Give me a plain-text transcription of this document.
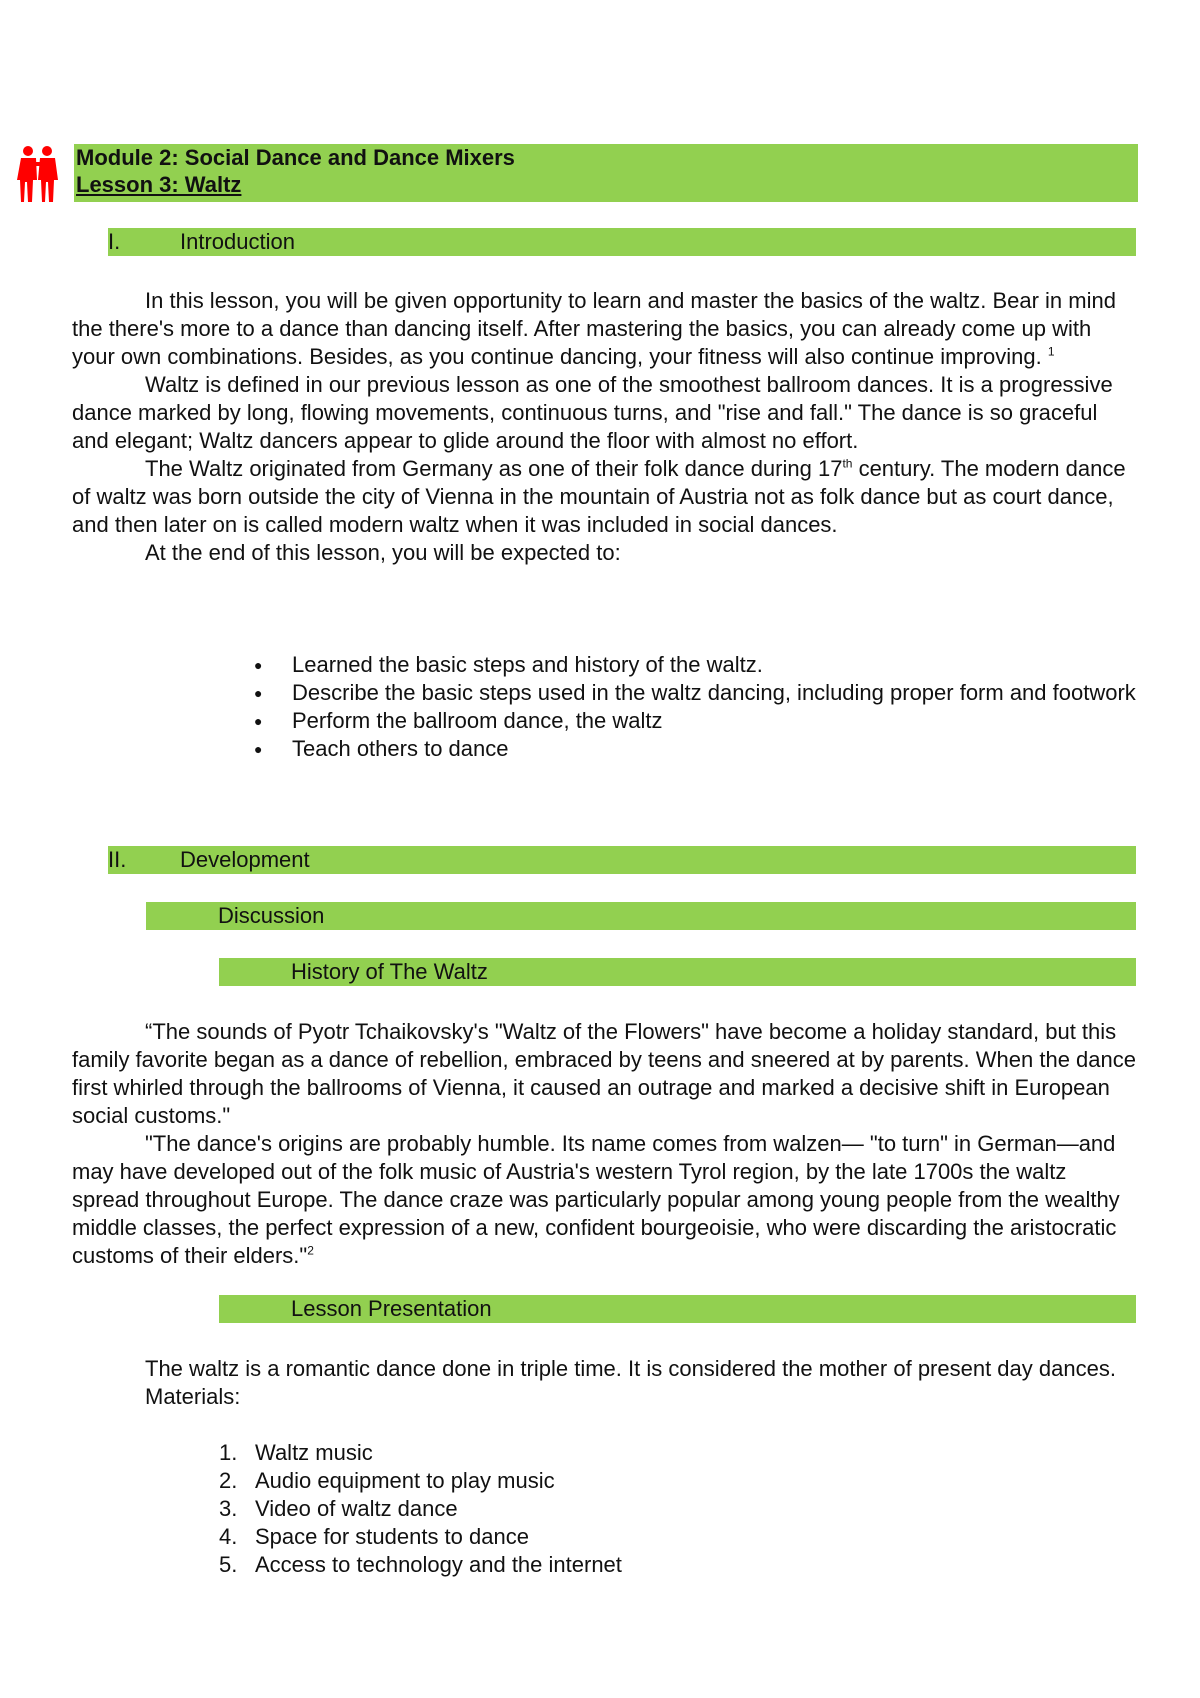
Module 2: Social Dance and Dance Mixers
Lesson 3: Waltz
I.	Introduction

In this lesson, you will be given opportunity to learn and master the basics of the waltz. Bear in mind the there's more to a dance than dancing itself. After mastering the basics, you can already come up with your own combinations. Besides, as you continue dancing, your fitness will also continue improving. $^1$

Waltz is defined in our previous lesson as one of the smoothest ballroom dances. It is a progressive dance marked by long, flowing movements, continuous turns, and "rise and fall." The dance is so graceful and elegant; Waltz dancers appear to glide around the floor with almost no effort.

The Waltz originated from Germany as one of their folk dance during 17th century. The modern dance of waltz was born outside the city of Vienna in the mountain of Austria not as folk dance but as court dance, and then later on is called modern waltz when it was included in social dances.

At the end of this lesson, you will be expected to:

● Learned the basic steps and history of the waltz.
● Describe the basic steps used in the waltz dancing, including proper form and footwork
● Perform the ballroom dance, the waltz
● Teach others to dance
II. Development
Discussion
History of The Waltz

“The sounds of Pyotr Tchaikovsky's "Waltz of the Flowers" have become a holiday standard, but this family favorite began as a dance of rebellion, embraced by teens and sneered at by parents. When the dance first whirled through the ballrooms of Vienna, it caused an outrage and marked a decisive shift in European social customs."

"The dance's origins are probably humble. Its name comes from walzen— "to turn" in German—and may have developed out of the folk music of Austria's western Tyrol region, by the late 1700s the waltz spread throughout Europe. The dance craze was particularly popular among young people from the wealthy middle classes, the perfect expression of a new, confident bourgeoisie, who were discarding the aristocratic customs of their elders."$^2$

Lesson Presentation

The waltz is a romantic dance done in triple time. It is considered the mother of present day dances.

Materials:

1. Waltz music
2. Audio equipment to play music
3. Video of waltz dance
4. Space for students to dance
5. Access to technology and the internet
